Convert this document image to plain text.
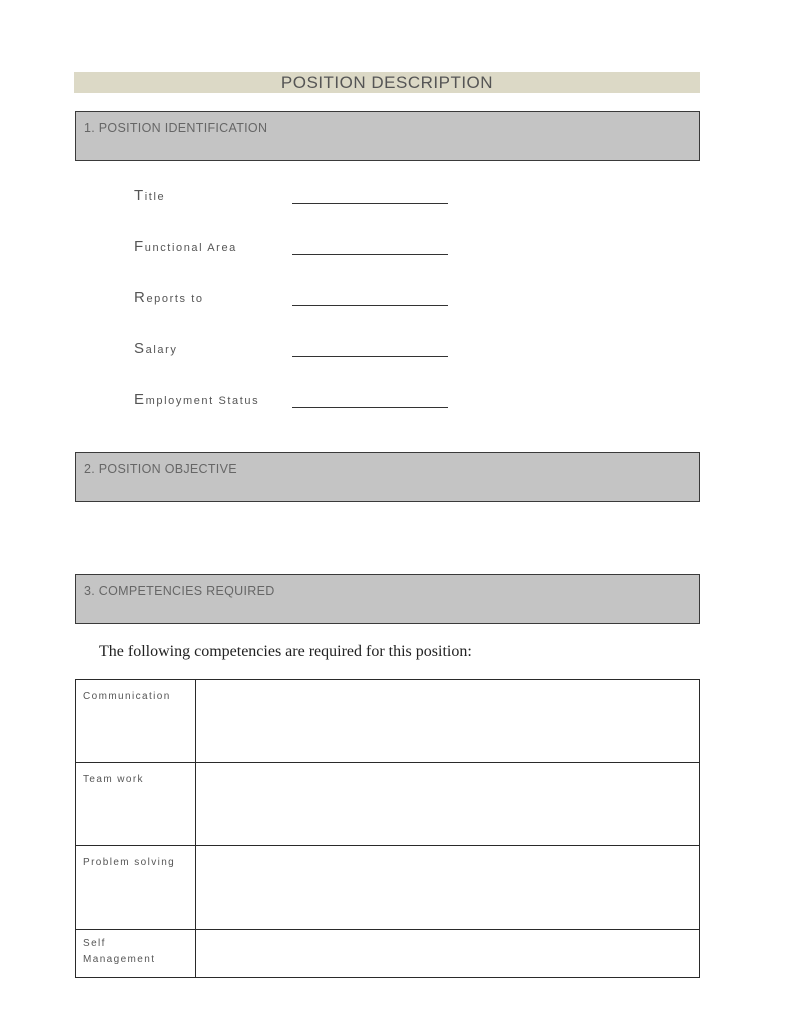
POSITION DESCRIPTION
1. POSITION IDENTIFICATION
Title
Functional Area
Reports to
Salary
Employment Status
2. POSITION OBJECTIVE
3. COMPETENCIES REQUIRED
The following competencies are required for this position:
Communication
Team work
Problem solving
Self Management
